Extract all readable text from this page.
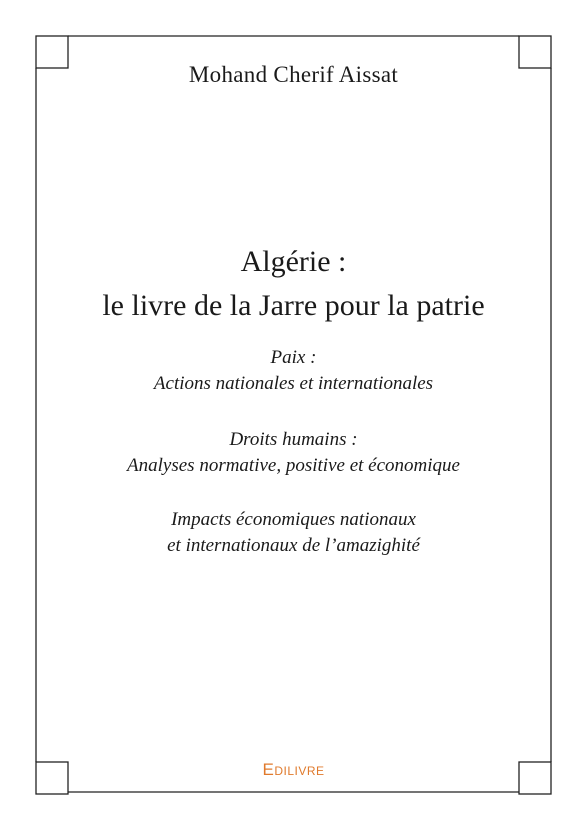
Mohand Cherif Aissat
Algérie :
le livre de la Jarre pour la patrie
Paix :
Actions nationales et internationales
Droits humains :
Analyses normative, positive et économique
Impacts économiques nationaux
et internationaux de l’amazighité
Edilivre
